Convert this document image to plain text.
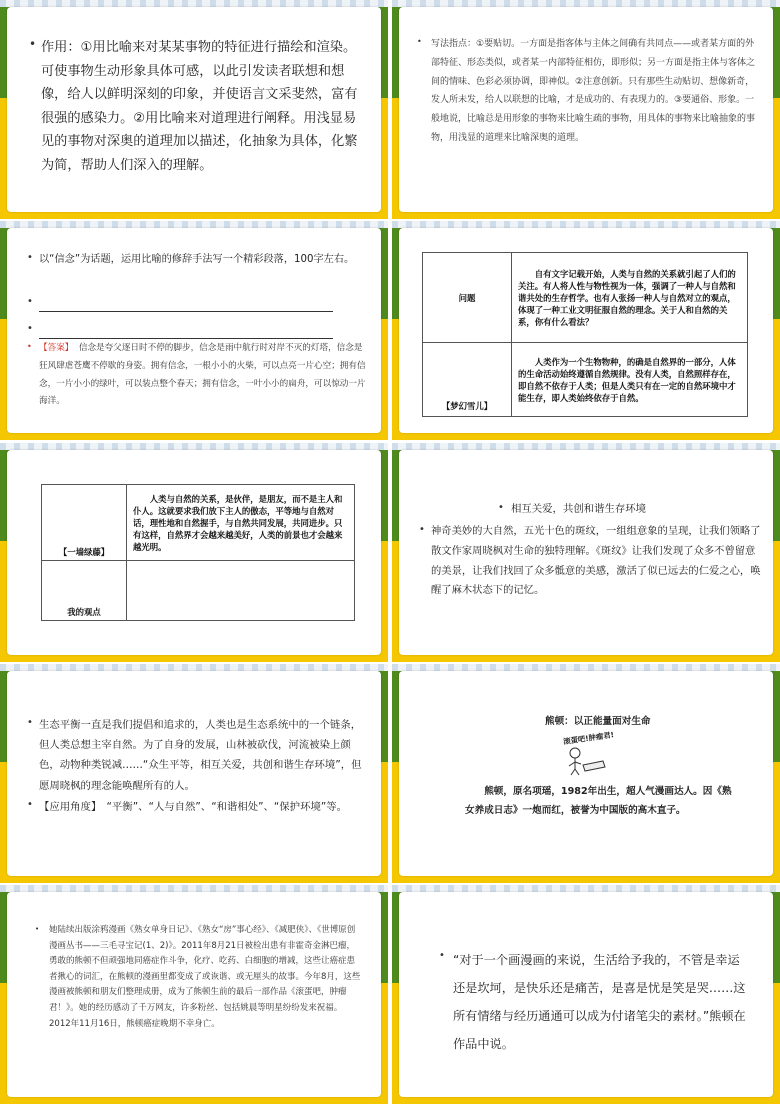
• 作用：①用比喻来对某某事物的特征进行描绘和渲染。可使事物生动形象具体可感，以此引发读者联想和想像，给人以鲜明深刻的印象，并使语言文采斐然，富有很强的感染力。②用比喻来对道理进行阐释。用浅显易见的事物对深奥的道理加以描述，化抽象为具体，化繁为简，帮助人们深入的理解。
• 写法指点：①要贴切。一方面是指客体与主体之间确有共同点——或者某方面的外部特征、形态类似，或者某一内部特征相仿，即形似；另一方面是指主体与客体之间的情味、色彩必须协调，即神似。②注意创新。只有那些生动贴切、想像新奇，发人所未发，给人以联想的比喻，才是成功的、有表现力的。③要通俗、形象。一般地说，比喻总是用形象的事物来比喻生疏的事物，用具体的事物来比喻抽象的事物，用浅显的道理来比喻深奥的道理。
• 以“信念”为话题，运用比喻的修辞手法写一个精彩段落，100字左右。
•
•
• 【答案】 信念是夸父逐日时不停的脚步，信念是雨中航行时对岸不灭的灯塔，信念是狂风肆虐苍鹰不停歇的身姿。拥有信念，一根小小的火柴，可以点亮一片心空；拥有信念，一片小小的绿叶，可以装点整个春天；拥有信念，一叶小小的扁舟，可以惊动一片海洋。
问题	自有文字记载开始，人类与自然的关系就引起了人们的关注。有人将人性与物性视为一体，强调了一种人与自然和谐共处的生存哲学。也有人张扬一种人与自然对立的观点，体现了一种工业文明征服自然的理念。关于人和自然的关系，你有什么看法？

【梦幻雪儿】	人类作为一个生物物种，的确是自然界的一部分，人体的生命活动始终遵循自然规律。没有人类，自然照样存在，即自然不依存于人类；但是人类只有在一定的自然环境中才能生存，即人类始终依存于自然。
【一墙绿藤】	人类与自然的关系，是伙伴，是朋友，而不是主人和仆人。这就要求我们放下主人的傲态，平等地与自然对话，理性地和自然握手，与自然共同发展，共同进步。只有这样，自然界才会越来越美好，人类的前景也才会越来越光明。

我的观点	
• 相互关爱，共创和谐生存环境
• 神奇美妙的大自然，五光十色的斑纹，一组组意象的呈现，让我们领略了散文作家周晓枫对生命的独特理解。《斑纹》让我们发现了众多不曾留意的美景，让我们找回了众多骶意的美感，激活了似已远去的仁爱之心，唤醒了麻木状态下的记忆。
• 生态平衡一直是我们提倡和追求的，人类也是生态系统中的一个链条，但人类总想主宰自然。为了自身的发展，山林被砍伐，河流被染上颜色，动物种类锐减……“众生平等，相互关爱，共创和谐生存环境”，但愿周晓枫的理念能唤醒所有的人。
• 【应用角度】　“平衡”、“人与自然”、“和谐相处”、“保护环境”等。
熊顿：以正能量面对生命
滚蛋吧!肿瘤君!
熊顿，原名项瑶，1982年出生，超人气漫画达人。因《熟女养成日志》一炮而红，被誉为中国版的高木直子。
• 她陆续出版涂鸦漫画《熟女单身日记》、《熟女“房”事心经》、《减肥侠》、《世博原创漫画丛书——三毛寻宝记(1、2)》。2011年8月21日被检出患有非霍奇金淋巴瘤，勇敢的熊顿不但顽强地同癌症作斗争，化疗、吃药、白细胞的增减，这些让癌症患者揪心的词汇，在熊顿的漫画里都变成了或诙谐、或无厘头的故事。今年8月，这些漫画被熊顿和朋友们整理成册，成为了熊顿生前的最后一部作品《滚蛋吧，肿瘤君！》。她的经历感动了千万网友，许多粉丝、包括姚晨等明星纷纷发来祝福。2012年11月16日，熊顿癌症晚期不幸身亡。
• “对于一个画漫画的来说，生活给予我的，不管是幸运还是坎坷，是快乐还是痛苦，是喜是忧是笑是哭……这所有情绪与经历通通可以成为付诸笔尖的素材。”熊顿在作品中说。
